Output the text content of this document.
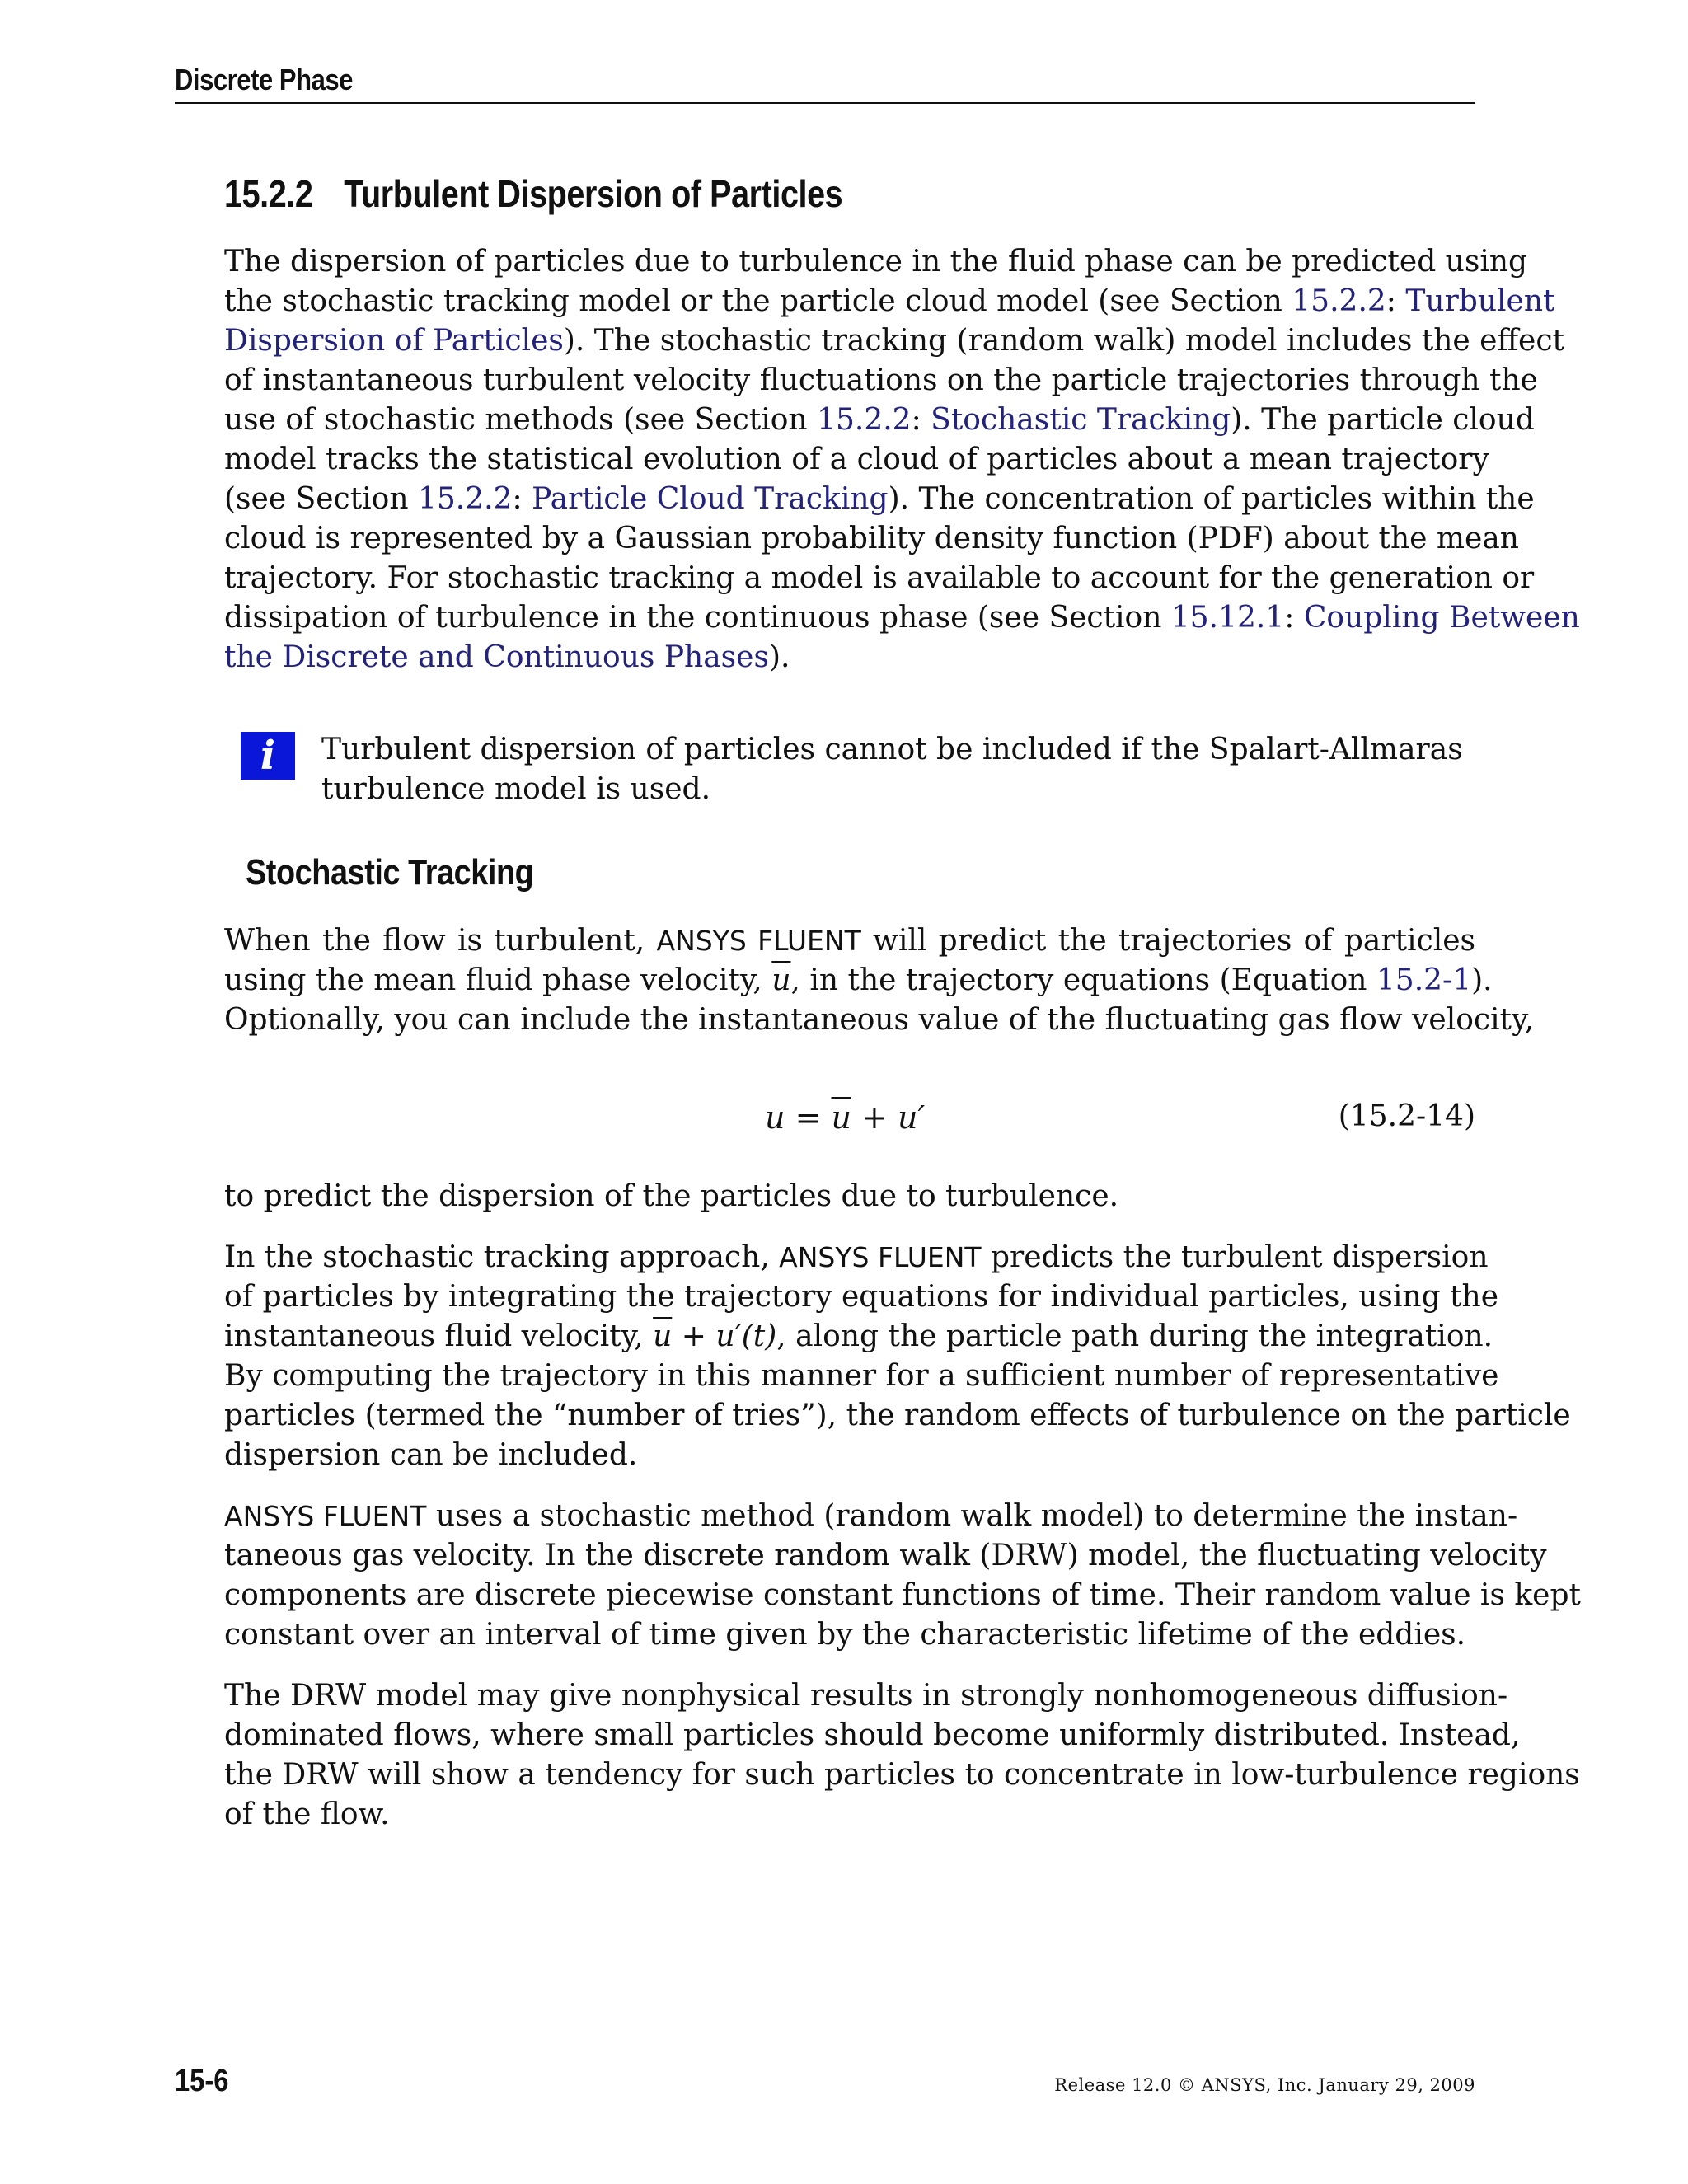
Discrete Phase
15.2.2 Turbulent Dispersion of Particles
The dispersion of particles due to turbulence in the fluid phase can be predicted using
the stochastic tracking model or the particle cloud model (see Section 15.2.2: Turbulent
Dispersion of Particles). The stochastic tracking (random walk) model includes the effect
of instantaneous turbulent velocity fluctuations on the particle trajectories through the
use of stochastic methods (see Section 15.2.2: Stochastic Tracking). The particle cloud
model tracks the statistical evolution of a cloud of particles about a mean trajectory
(see Section 15.2.2: Particle Cloud Tracking). The concentration of particles within the
cloud is represented by a Gaussian probability density function (PDF) about the mean
trajectory. For stochastic tracking a model is available to account for the generation or
dissipation of turbulence in the continuous phase (see Section 15.12.1: Coupling Between
the Discrete and Continuous Phases).
i	Turbulent dispersion of particles cannot be included if the Spalart-Allmaras
turbulence model is used.
Stochastic Tracking
When the flow is turbulent, ANSYS FLUENT will predict the trajectories of particles
using the mean fluid phase velocity, $\overline{u}$, in the trajectory equations (Equation 15.2-1).
Optionally, you can include the instantaneous value of the fluctuating gas flow velocity,
$u = \overline{u} + u'$	(15.2-14)
to predict the dispersion of the particles due to turbulence.
In the stochastic tracking approach, ANSYS FLUENT predicts the turbulent dispersion
of particles by integrating the trajectory equations for individual particles, using the
instantaneous fluid velocity, $\overline{u} + u'(t)$, along the particle path during the integration.
By computing the trajectory in this manner for a sufficient number of representative
particles (termed the “number of tries”), the random effects of turbulence on the particle
dispersion can be included.
ANSYS FLUENT uses a stochastic method (random walk model) to determine the instan-
taneous gas velocity. In the discrete random walk (DRW) model, the fluctuating velocity
components are discrete piecewise constant functions of time. Their random value is kept
constant over an interval of time given by the characteristic lifetime of the eddies.
The DRW model may give nonphysical results in strongly nonhomogeneous diffusion-
dominated flows, where small particles should become uniformly distributed. Instead,
the DRW will show a tendency for such particles to concentrate in low-turbulence regions
of the flow.
15-6	Release 12.0 © ANSYS, Inc. January 29, 2009
